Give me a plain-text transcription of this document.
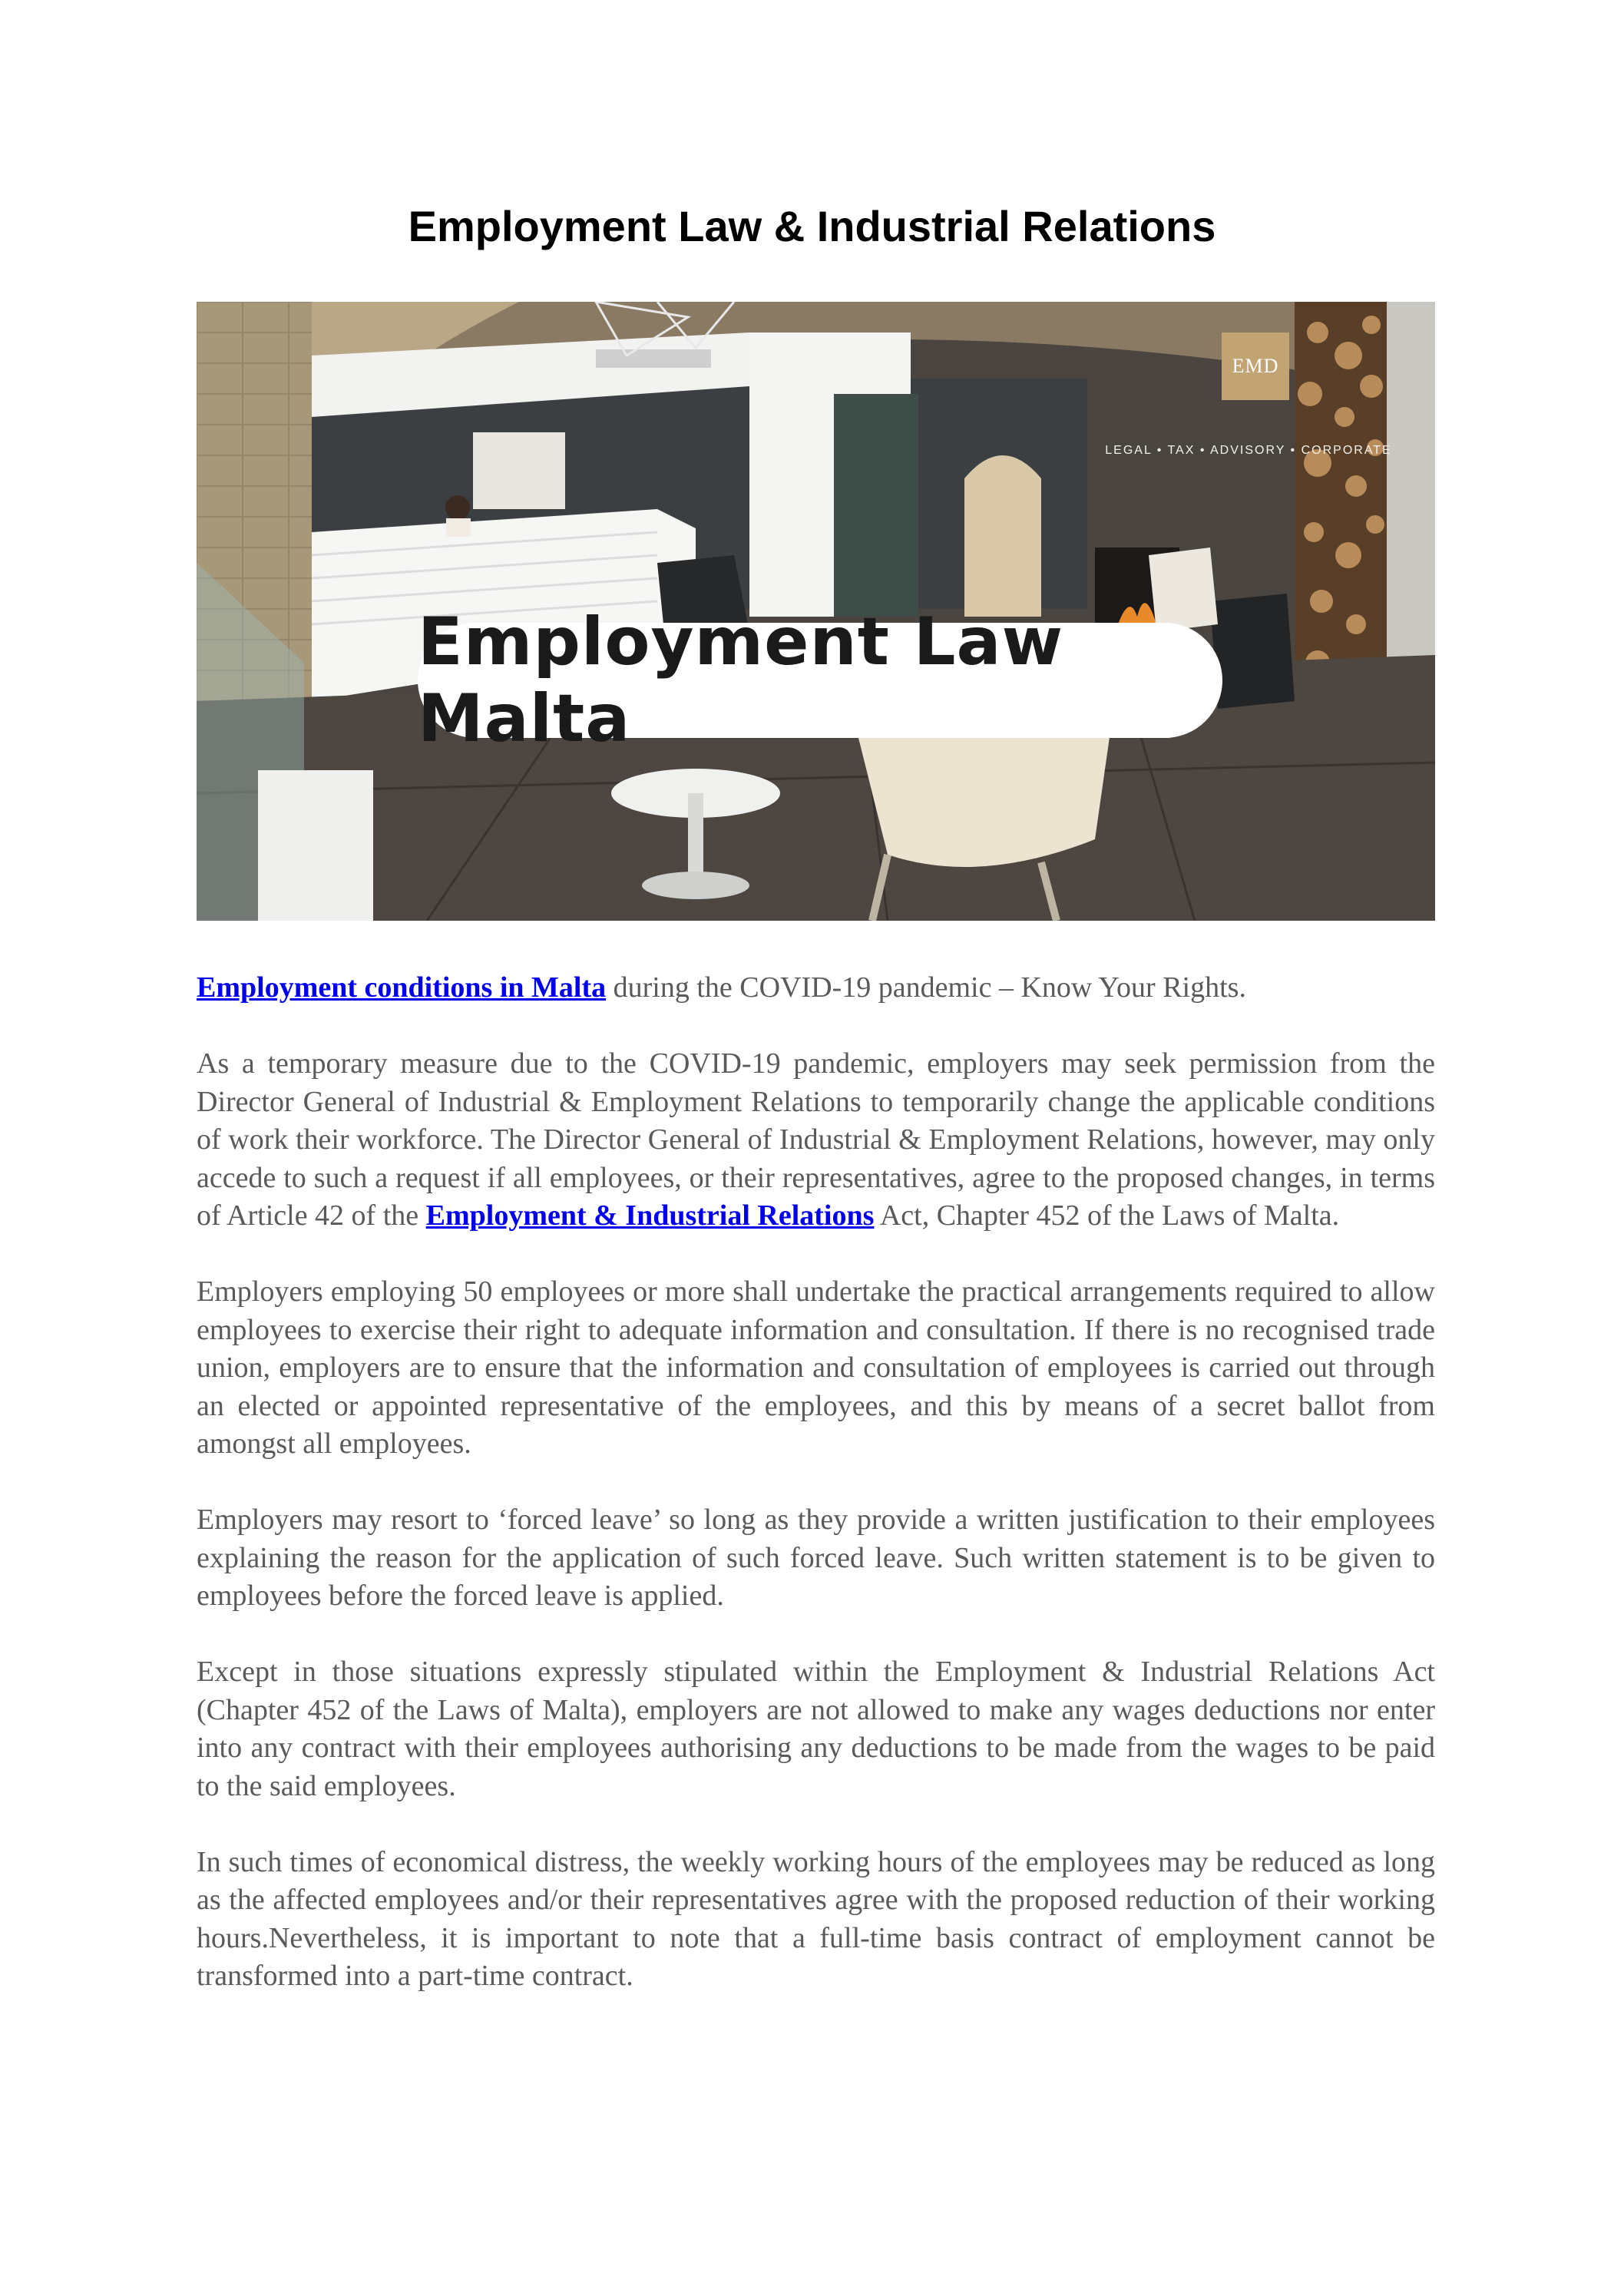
Employment Law & Industrial Relations
EMD
LEGAL • TAX • ADVISORY • CORPORATE
Employment Law Malta

Employment conditions in Malta during the COVID-19 pandemic – Know Your Rights.

As a temporary measure due to the COVID-19 pandemic, employers may seek permission from the Director General of Industrial & Employment Relations to temporarily change the applicable conditions of work their workforce. The Director General of Industrial & Employment Relations, however, may only accede to such a request if all employees, or their representatives, agree to the proposed changes, in terms of Article 42 of the Employment & Industrial Relations Act, Chapter 452 of the Laws of Malta.

Employers employing 50 employees or more shall undertake the practical arrangements required to allow employees to exercise their right to adequate information and consultation. If there is no recognised trade union, employers are to ensure that the information and consultation of employees is carried out through an elected or appointed representative of the employees, and this by means of a secret ballot from amongst all employees.

Employers may resort to ‘forced leave’ so long as they provide a written justification to their employees explaining the reason for the application of such forced leave. Such written statement is to be given to employees before the forced leave is applied.

Except in those situations expressly stipulated within the Employment & Industrial Relations Act (Chapter 452 of the Laws of Malta), employers are not allowed to make any wages deductions nor enter into any contract with their employees authorising any deductions to be made from the wages to be paid to the said employees.

In such times of economical distress, the weekly working hours of the employees may be reduced as long as the affected employees and/or their representatives agree with the proposed reduction of their working hours.Nevertheless, it is important to note that a full-time basis contract of employment cannot be transformed into a part-time contract.
